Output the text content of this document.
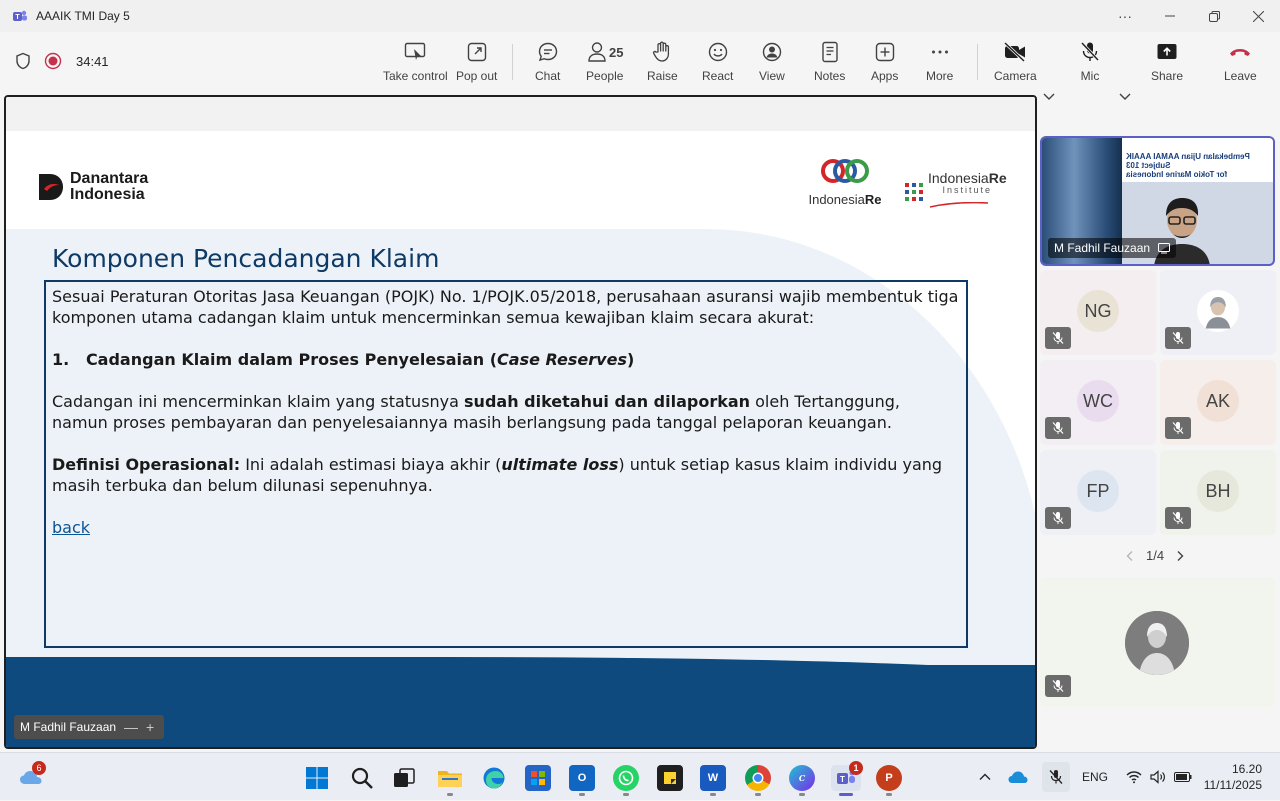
T AAAIK TMI Day 5	···
34:41
Take control Pop out	Chat
25
People Raise React View Notes Apps More	Camera	Mic	Share	Leave
Danantara
Indonesia	IndonesiaRe
IndonesiaRe
Institute
Komponen Pencadangan Klaim

Sesuai Peraturan Otoritas Jasa Keuangan (POJK) No. 1/POJK.05/2018, perusahaan asuransi wajib membentuk tiga komponen utama cadangan klaim untuk mencerminkan semua kewajiban klaim secara akurat:

1. Cadangan Klaim dalam Proses Penyelesaian (Case Reserves)

Cadangan ini mencerminkan klaim yang statusnya sudah diketahui dan dilaporkan oleh Tertanggung, namun proses pembayaran dan penyelesaiannya masih berlangsung pada tanggal pelaporan keuangan.

Definisi Operasional: Ini adalah estimasi biaya akhir (ultimate loss) untuk setiap kasus klaim individu yang masih terbuka dan belum dilunasi sepenuhnya.

back

M Fadhil Fauzaan — +
Pembekalan Ujian AAMAI AAAIK Subject 103
for Tokio Marine Indonesia
M Fadhil Fauzaan
NG
WC	AK
FP	BH
1/4
6
O	W	C	T
1
P	ENG
16.20
11/11/2025
